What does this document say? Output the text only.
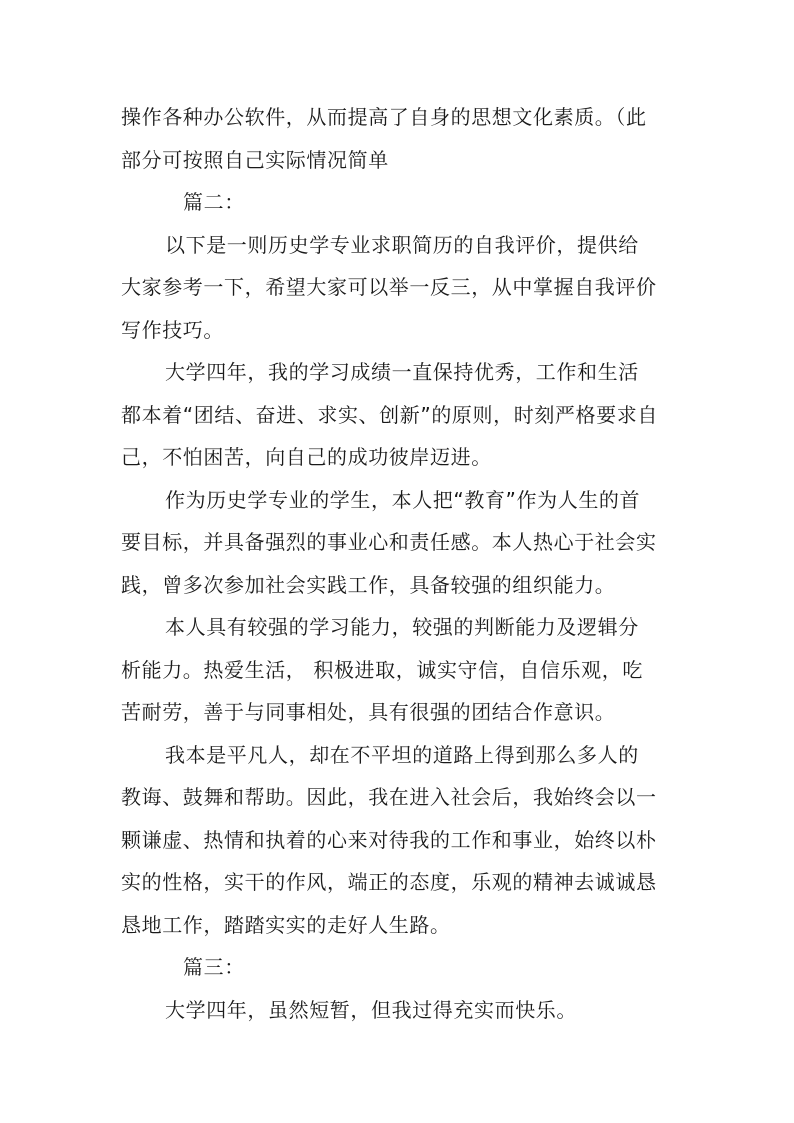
操作各种办公软件，从而提高了自身的思想文化素质。（此
部分可按照自己实际情况简单
篇二：
以下是一则历史学专业求职简历的自我评价，提供给
大家参考一下，希望大家可以举一反三，从中掌握自我评价
写作技巧。
大学四年，我的学习成绩一直保持优秀，工作和生活
都本着“团结、奋进、求实、创新”的原则，时刻严格要求自
己，不怕困苦，向自己的成功彼岸迈进。
作为历史学专业的学生，本人把“教育”作为人生的首
要目标，并具备强烈的事业心和责任感。本人热心于社会实
践，曾多次参加社会实践工作，具备较强的组织能力。
本人具有较强的学习能力，较强的判断能力及逻辑分
析能力。热爱生活， 积极进取，诚实守信，自信乐观，吃
苦耐劳，善于与同事相处，具有很强的团结合作意识。
我本是平凡人，却在不平坦的道路上得到那么多人的
教诲、鼓舞和帮助。因此，我在进入社会后，我始终会以一
颗谦虚、热情和执着的心来对待我的工作和事业，始终以朴
实的性格，实干的作风，端正的态度，乐观的精神去诚诚恳
恳地工作，踏踏实实的走好人生路。
篇三：
大学四年，虽然短暂，但我过得充实而快乐。
